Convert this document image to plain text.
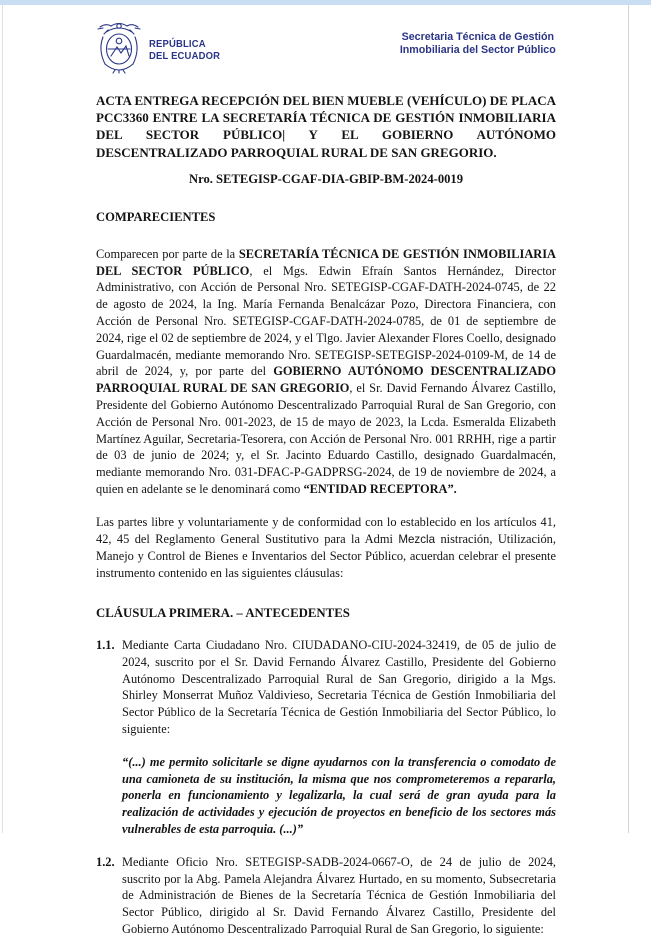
REPÚBLICA
DEL ECUADOR
Secretaria Técnica de Gestión
Inmobiliaria del Sector Público
ACTA ENTREGA RECEPCIÓN DEL BIEN MUEBLE (VEHÍCULO) DE PLACA PCC3360 ENTRE LA SECRETARÍA TÉCNICA DE GESTIÓN INMOBILIARIA DEL SECTOR PÚBLICO| Y EL GOBIERNO AUTÓNOMO DESCENTRALIZADO PARROQUIAL RURAL DE SAN GREGORIO.
Nro. SETEGISP-CGAF-DIA-GBIP-BM-2024-0019
COMPARECIENTES

Comparecen por parte de la SECRETARÍA TÉCNICA DE GESTIÓN INMOBILIARIA DEL SECTOR PÚBLICO, el Mgs. Edwin Efraín Santos Hernández, Director Administrativo, con Acción de Personal Nro. SETEGISP-CGAF-DATH-2024-0745, de 22 de agosto de 2024, la Ing. María Fernanda Benalcázar Pozo, Directora Financiera, con Acción de Personal Nro. SETEGISP-CGAF-DATH-2024-0785, de 01 de septiembre de 2024, rige el 02 de septiembre de 2024, y el Tlgo. Javier Alexander Flores Coello, designado Guardalmacén, mediante memorando Nro. SETEGISP-SETEGISP-2024-0109-M, de 14 de abril de 2024, y, por parte del GOBIERNO AUTÓNOMO DESCENTRALIZADO PARROQUIAL RURAL DE SAN GREGORIO, el Sr. David Fernando Álvarez Castillo, Presidente del Gobierno Autónomo Descentralizado Parroquial Rural de San Gregorio, con Acción de Personal Nro. 001-2023, de 15 de mayo de 2023, la Lcda. Esmeralda Elizabeth Martínez Aguilar, Secretaria-Tesorera, con Acción de Personal Nro. 001 RRHH, rige a partir de 03 de junio de 2024; y, el Sr. Jacinto Eduardo Castillo, designado Guardalmacén, mediante memorando Nro. 031-DFAC-P-GADPRSG-2024, de 19 de noviembre de 2024, a quien en adelante se le denominará como “ENTIDAD RECEPTORA”.

Las partes libre y voluntariamente y de conformidad con lo establecido en los artículos 41, 42, 45 del Reglamento General Sustitutivo para la Admi Mezcla nistración, Utilización, Manejo y Control de Bienes e Inventarios del Sector Público, acuerdan celebrar el presente instrumento contenido en las siguientes cláusulas:

CLÁUSULA PRIMERA. – ANTECEDENTES
1.1. Mediante Carta Ciudadano Nro. CIUDADANO-CIU-2024-32419, de 05 de julio de 2024, suscrito por el Sr. David Fernando Álvarez Castillo, Presidente del Gobierno Autónomo Descentralizado Parroquial Rural de San Gregorio, dirigido a la Mgs. Shirley Monserrat Muñoz Valdivieso, Secretaria Técnica de Gestión Inmobiliaria del Sector Público de la Secretaría Técnica de Gestión Inmobiliaria del Sector Público, lo siguiente:

“(...) me permito solicitarle se digne ayudarnos con la transferencia o comodato de una camioneta de su institución, la misma que nos comprometeremos a repararla, ponerla en funcionamiento y legalizarla, la cual será de gran ayuda para la realización de actividades y ejecución de proyectos en beneficio de los sectores más vulnerables de esta parroquia. (...)”

1.2. Mediante Oficio Nro. SETEGISP-SADB-2024-0667-O, de 24 de julio de 2024, suscrito por la Abg. Pamela Alejandra Álvarez Hurtado, en su momento, Subsecretaria de Administración de Bienes de la Secretaría Técnica de Gestión Inmobiliaria del Sector Público, dirigido al Sr. David Fernando Álvarez Castillo, Presidente del Gobierno Autónomo Descentralizado Parroquial Rural de San Gregorio, lo siguiente:
